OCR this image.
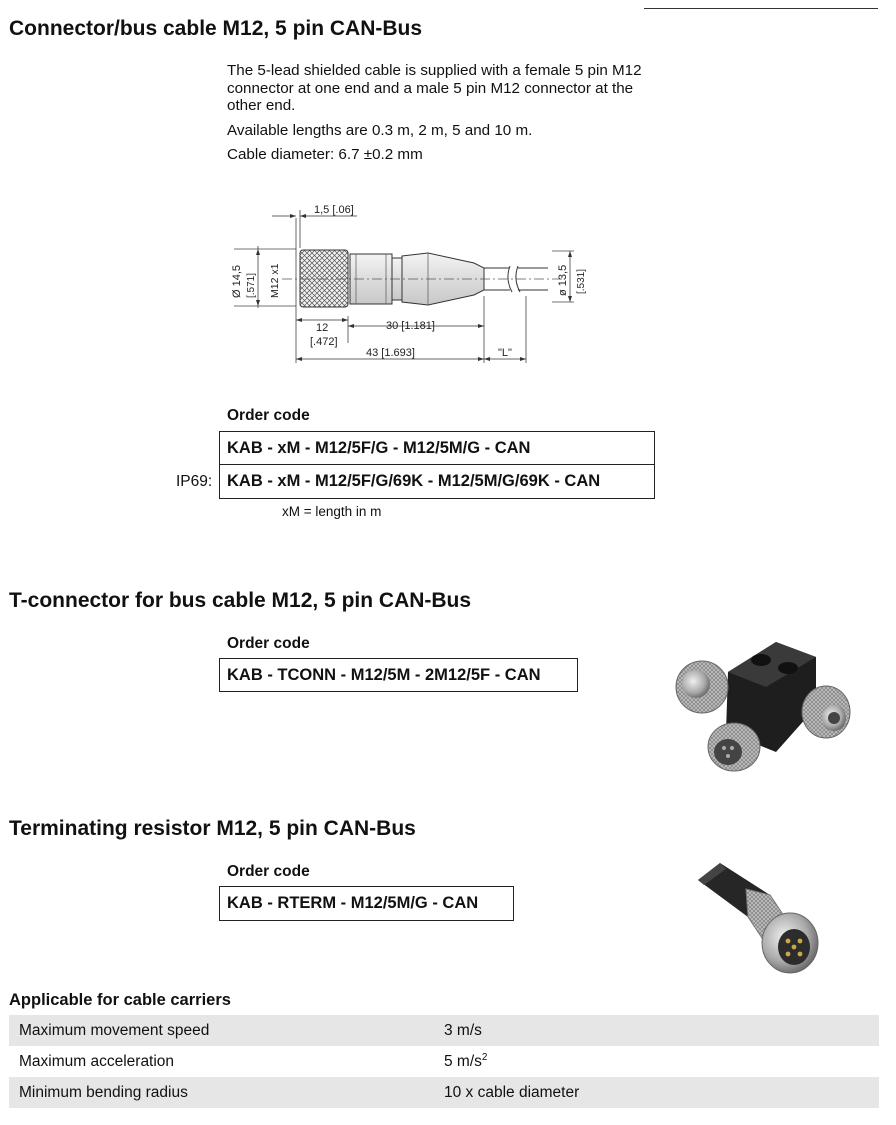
Connector/bus cable M12, 5 pin CAN-Bus

The 5-lead shielded cable is supplied with a female 5 pin M12 connector at one end and a male 5 pin M12 connector at the other end.

Available lengths are 0.3 m, 2 m, 5 and 10 m.

Cable diameter: 6.7 ±0.2 mm

1,5 [.06]
Ø 14,5 [.571] M12 x1	ø 13,5 [.531]
12
[.472]
30 [1.181]
43 [1.693]	"L"
Order code
KAB - xM - M12/5F/G - M12/5M/G - CAN
IP69: KAB - xM - M12/5F/G/69K - M12/5M/G/69K - CAN
xM = length in m
T-connector for bus cable M12, 5 pin CAN-Bus
Order code
KAB - TCONN - M12/5M - 2M12/5F - CAN
Terminating resistor M12, 5 pin CAN-Bus
Order code
KAB - RTERM - M12/5M/G - CAN
Applicable for cable carriers
Maximum movement speed	3 m/s
Maximum acceleration	5 $m/s^2$
Minimum bending radius	10 x cable diameter
